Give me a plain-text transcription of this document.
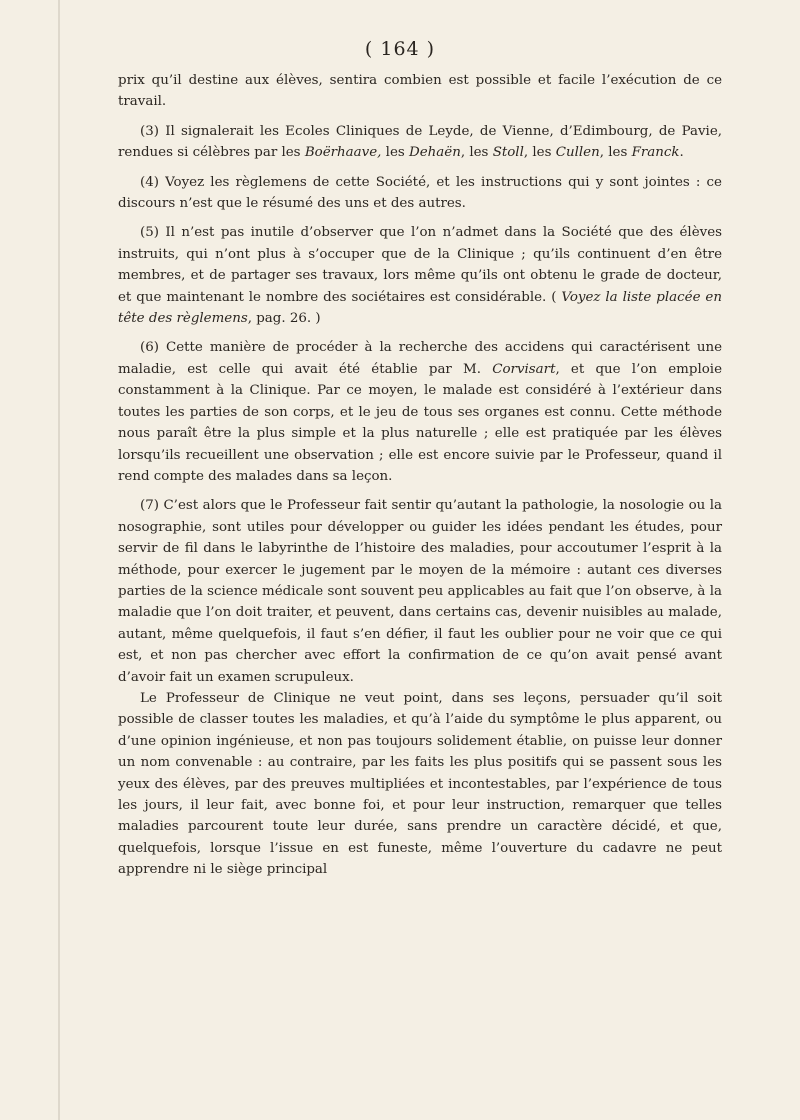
( 164 )

prix qu’il destine aux élèves, sentira combien est possible et facile l’exécution de ce travail.

(3) Il signalerait les Ecoles Cliniques de Leyde, de Vienne, d’Edimbourg, de Pavie, rendues si célèbres par les Boërhaave, les Dehaën, les Stoll, les Cullen, les Franck.

(4) Voyez les règlemens de cette Société, et les instructions qui y sont jointes : ce discours n’est que le résumé des uns et des autres.

(5) Il n’est pas inutile d’observer que l’on n’admet dans la Société que des élèves instruits, qui n’ont plus à s’occuper que de la Clinique ; qu’ils continuent d’en être membres, et de partager ses travaux, lors même qu’ils ont obtenu le grade de docteur, et que maintenant le nombre des sociétaires est considérable. ( Voyez la liste placée en tête des règlemens, pag. 26. )

(6) Cette manière de procéder à la recherche des accidens qui caractérisent une maladie, est celle qui avait été établie par M. Corvisart, et que l’on emploie constamment à la Clinique. Par ce moyen, le malade est considéré à l’extérieur dans toutes les parties de son corps, et le jeu de tous ses organes est connu. Cette méthode nous paraît être la plus simple et la plus naturelle ; elle est pratiquée par les élèves lorsqu’ils recueillent une observation ; elle est encore suivie par le Professeur, quand il rend compte des malades dans sa leçon.

(7) C’est alors que le Professeur fait sentir qu’autant la pathologie, la nosologie ou la nosographie, sont utiles pour développer ou guider les idées pendant les études, pour servir de fil dans le labyrinthe de l’histoire des maladies, pour accoutumer l’esprit à la méthode, pour exercer le jugement par le moyen de la mémoire : autant ces diverses parties de la science médicale sont souvent peu applicables au fait que l’on observe, à la maladie que l’on doit traiter, et peuvent, dans certains cas, devenir nuisibles au malade, autant, même quelquefois, il faut s’en défier, il faut les oublier pour ne voir que ce qui est, et non pas chercher avec effort la confirmation de ce qu’on avait pensé avant d’avoir fait un examen scrupuleux.

Le Professeur de Clinique ne veut point, dans ses leçons, persuader qu’il soit possible de classer toutes les maladies, et qu’à l’aide du symptôme le plus apparent, ou d’une opinion ingénieuse, et non pas toujours solidement établie, on puisse leur donner un nom convenable : au contraire, par les faits les plus positifs qui se passent sous les yeux des élèves, par des preuves multipliées et incontestables, par l’expérience de tous les jours, il leur fait, avec bonne foi, et pour leur instruction, remarquer que telles maladies parcourent toute leur durée, sans prendre un caractère décidé, et que, quelquefois, lorsque l’issue en est funeste, même l’ouverture du cadavre ne peut apprendre ni le siège principal
